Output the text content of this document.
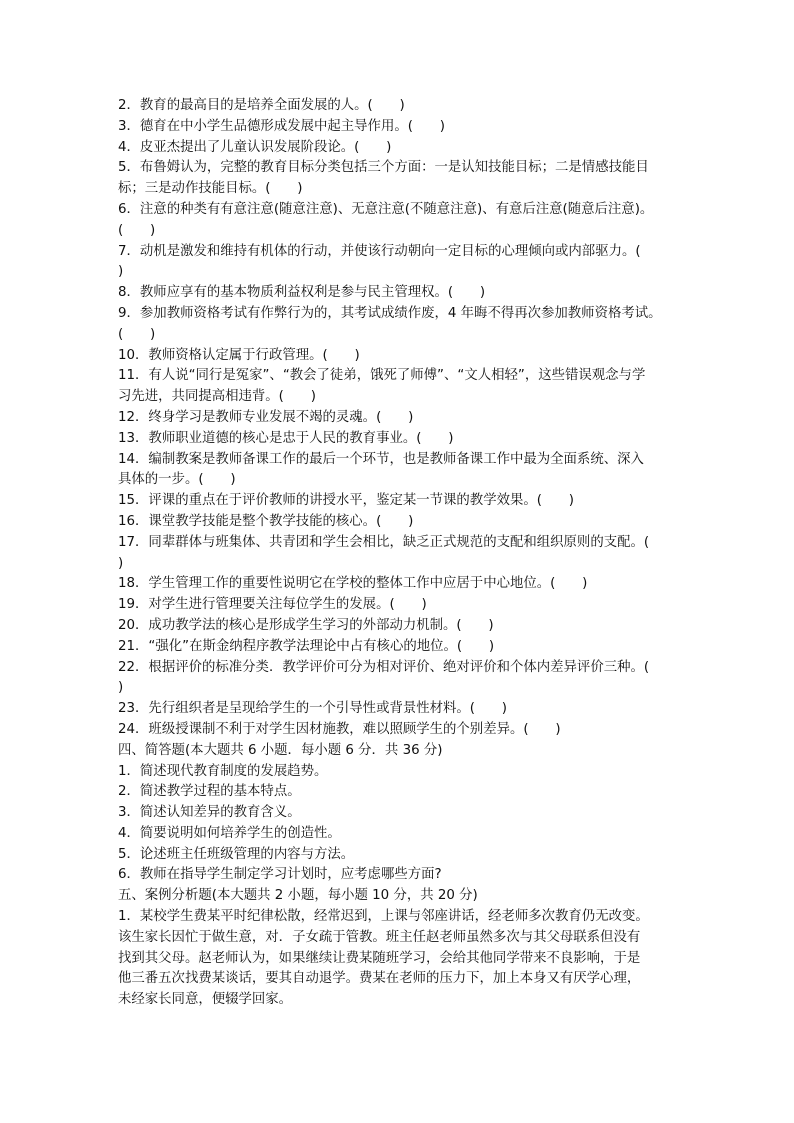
2．教育的最高目的是培养全面发展的人。(　　)

3．德育在中小学生品德形成发展中起主导作用。(　　)

4．皮亚杰提出了儿童认识发展阶段论。(　　)

5．布鲁姆认为，完整的教育目标分类包括三个方面：一是认知技能目标；二是情感技能目

标；三是动作技能目标。(　　)

6．注意的种类有有意注意(随意注意)、无意注意(不随意注意)、有意后注意(随意后注意)。

(　　)

7．动机是激发和维持有机体的行动，并使该行动朝向一定目标的心理倾向或内部驱力。(

)

8．教师应享有的基本物质利益权利是参与民主管理权。(　　)

9．参加教师资格考试有作弊行为的，其考试成绩作废，4 年晦不得再次参加教师资格考试。

(　　)

10．教师资格认定属于行政管理。(　　)

11．有人说“同行是冤家”、“教会了徒弟，饿死了师傅”、“文人相轻”，这些错误观念与学

习先进，共同提高相违背。(　　)

12．终身学习是教师专业发展不竭的灵魂。(　　)

13．教师职业道德的核心是忠于人民的教育事业。(　　)

14．编制教案是教师备课工作的最后一个环节，也是教师备课工作中最为全面系统、深入

具体的一步。(　　)

15．评课的重点在于评价教师的讲授水平，鉴定某一节课的教学效果。(　　)

16．课堂教学技能是整个教学技能的核心。(　　)

17．同辈群体与班集体、共青团和学生会相比，缺乏正式规范的支配和组织原则的支配。(

)

18．学生管理工作的重要性说明它在学校的整体工作中应居于中心地位。(　　)

19．对学生进行管理要关注每位学生的发展。(　　)

20．成功教学法的核心是形成学生学习的外部动力机制。(　　)

21．“强化”在斯金纳程序教学法理论中占有核心的地位。(　　)

22．根据评价的标准分类．教学评价可分为相对评价、绝对评价和个体内差异评价三种。(

)

23．先行组织者是呈现给学生的一个引导性或背景性材料。(　　)

24．班级授课制不利于对学生因材施教，难以照顾学生的个别差异。(　　)

四、简答题(本大题共 6 小题．每小题 6 分．共 36 分)

1．简述现代教育制度的发展趋势。

2．简述教学过程的基本特点。

3．简述认知差异的教育含义。

4．简要说明如何培养学生的创造性。

5．论述班主任班级管理的内容与方法。

6．教师在指导学生制定学习计划时，应考虑哪些方面?

五、案例分析题(本大题共 2 小题，每小题 10 分，共 20 分)

1．某校学生费某平时纪律松散，经常迟到，上课与邻座讲话，经老师多次教育仍无改变。

该生家长因忙于做生意，对．子女疏于管教。班主任赵老师虽然多次与其父母联系但没有

找到其父母。赵老师认为，如果继续让费某随班学习，会给其他同学带来不良影响，于是

他三番五次找费某谈话，要其自动退学。费某在老师的压力下，加上本身又有厌学心理，

未经家长同意，便辍学回家。
